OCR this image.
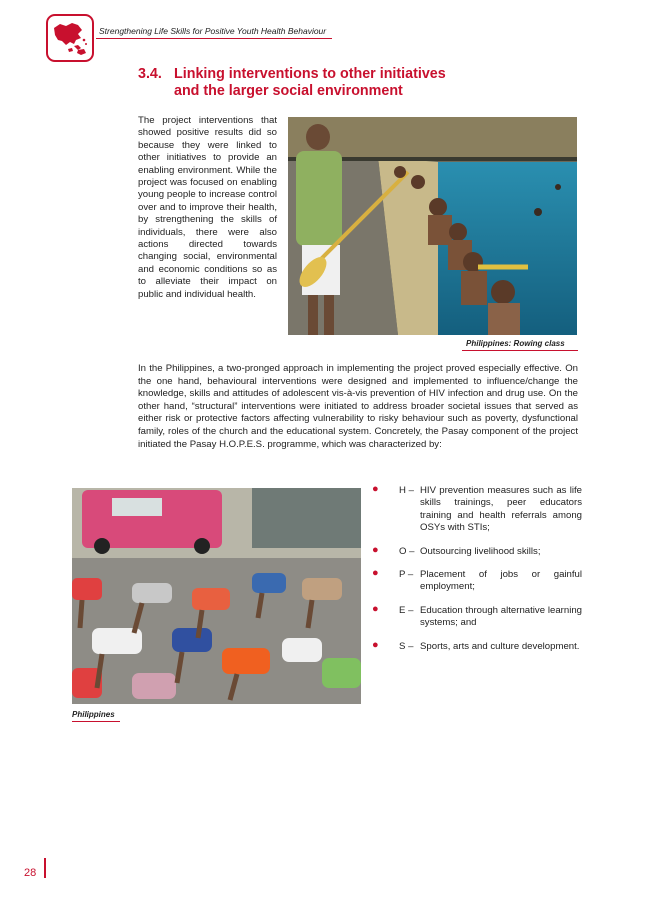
Strengthening Life Skills for Positive Youth Health Behaviour
3.4. Linking interventions to other initiatives
and the larger social environment
The project interventions that showed positive results did so because they were linked to other initiatives to provide an enabling environment. While the project was focused on enabling young people to increase control over and to improve their health, by strengthening the skills of individuals, there were also actions directed towards changing social, environmental and economic conditions so as to alleviate their impact on public and individual health.
Philippines: Rowing class
In the Philippines, a two-pronged approach in implementing the project proved especially effective. On the one hand, behavioural interventions were designed and implemented to influence/change the knowledge, skills and attitudes of adolescent vis-à-vis prevention of HIV infection and drug use. On the other hand, “structural” interventions were initiated to address broader societal issues that served as either risk or protective factors affecting vulnerability to risky behaviour such as poverty, dysfunctional family, roles of the church and the educational system. Concretely, the Pasay component of the project initiated the Pasay H.O.P.E.S. programme, which was characterized by:
Philippines
● H – HIV prevention measures such as life skills trainings, peer educators training and health referrals among OSYs with STIs;
● O – Outsourcing livelihood skills;
● P – Placement of jobs or gainful employment;
● E – Education through alternative learning systems; and
● S – Sports, arts and culture development.
28
